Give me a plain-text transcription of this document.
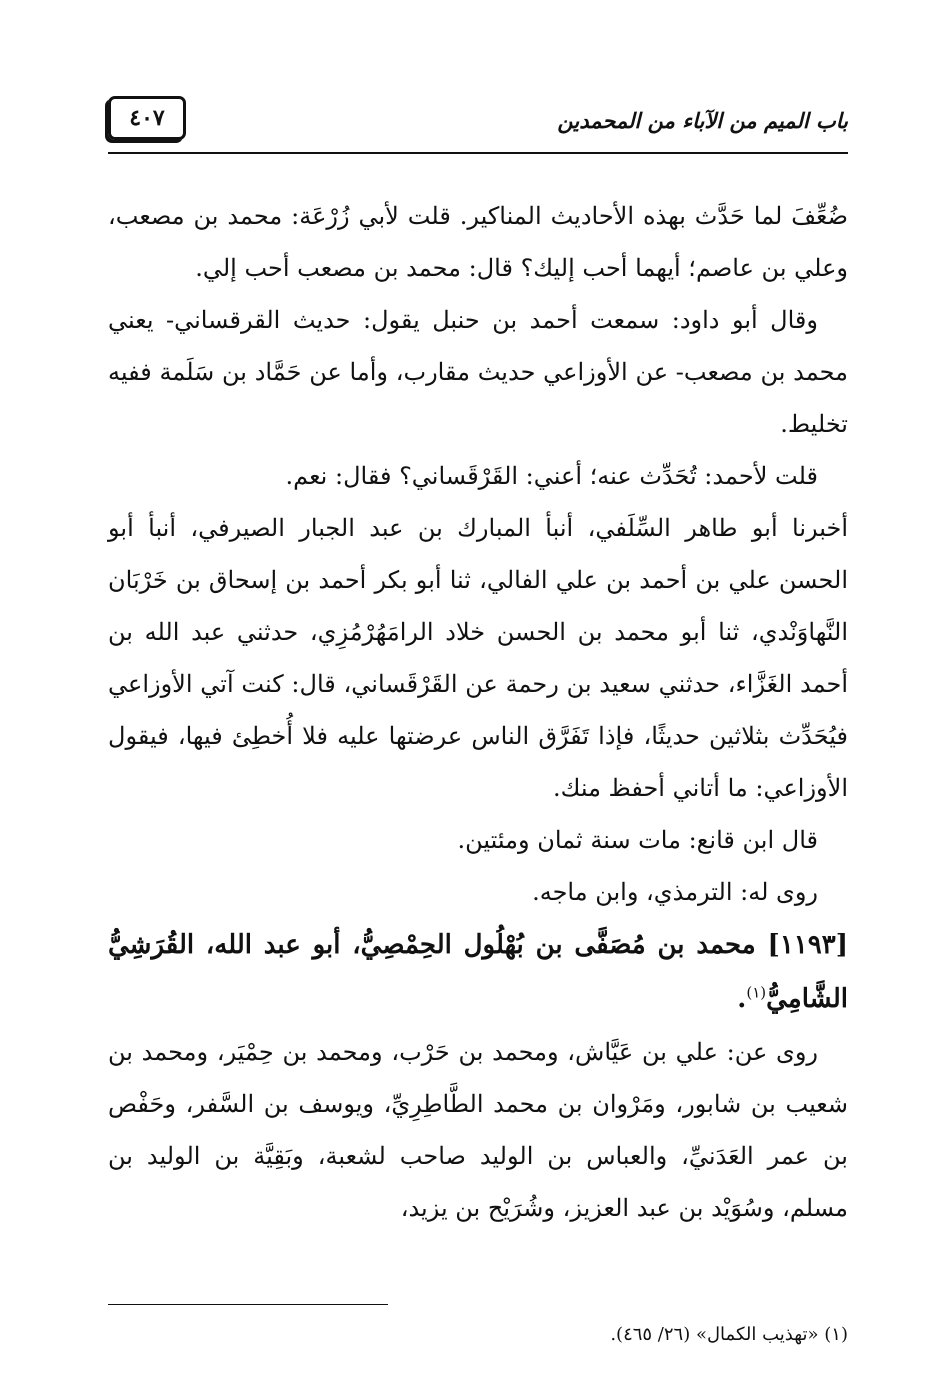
باب الميم من الآباء من المحمدين
٤٠٧

ضُعِّفَ لما حَدَّث بهذه الأحاديث المناكير. قلت لأبي زُرْعَة: محمد بن مصعب، وعلي بن عاصم؛ أيهما أحب إليك؟ قال: محمد بن مصعب أحب إلي.

وقال أبو داود: سمعت أحمد بن حنبل يقول: حديث القرقساني- يعني محمد بن مصعب- عن الأوزاعي حديث مقارب، وأما عن حَمَّاد بن سَلَمة ففيه تخليط.

قلت لأحمد: تُحَدِّث عنه؛ أعني: القَرْقَساني؟ فقال: نعم.

أخبرنا أبو طاهر السِّلَفي، أنبأ المبارك بن عبد الجبار الصيرفي، أنبأ أبو الحسن علي بن أحمد بن علي الفالي، ثنا أبو بكر أحمد بن إسحاق بن خَرْبَان النَّهاوَنْدي، ثنا أبو محمد بن الحسن خلاد الرامَهُرْمُزِي، حدثني عبد الله بن أحمد الغَزَّاء، حدثني سعيد بن رحمة عن القَرْقَساني، قال: كنت آتي الأوزاعي فيُحَدِّث بثلاثين حديثًا، فإذا تَفَرَّق الناس عرضتها عليه فلا أُخطِئ فيها، فيقول الأوزاعي: ما أتاني أحفظ منك.

قال ابن قانع: مات سنة ثمان ومئتين.

روى له: الترمذي، وابن ماجه.

[١١٩٣] محمد بن مُصَفَّى بن بُهْلُول الحِمْصِيُّ، أبو عبد الله، القُرَشِيُّ الشَّامِيُّ$^{(١)}$.

روى عن: علي بن عَيَّاش، ومحمد بن حَرْب، ومحمد بن حِمْيَر، ومحمد بن شعيب بن شابور، ومَرْوان بن محمد الطَّاطِرِيِّ، ويوسف بن السَّفر، وحَفْص بن عمر العَدَنيِّ، والعباس بن الوليد صاحب لشعبة، وبَقِيَّة بن الوليد بن مسلم، وسُوَيْد بن عبد العزيز، وشُرَيْح بن يزيد،

(١) «تهذيب الكمال» (٢٦/ ٤٦٥).
